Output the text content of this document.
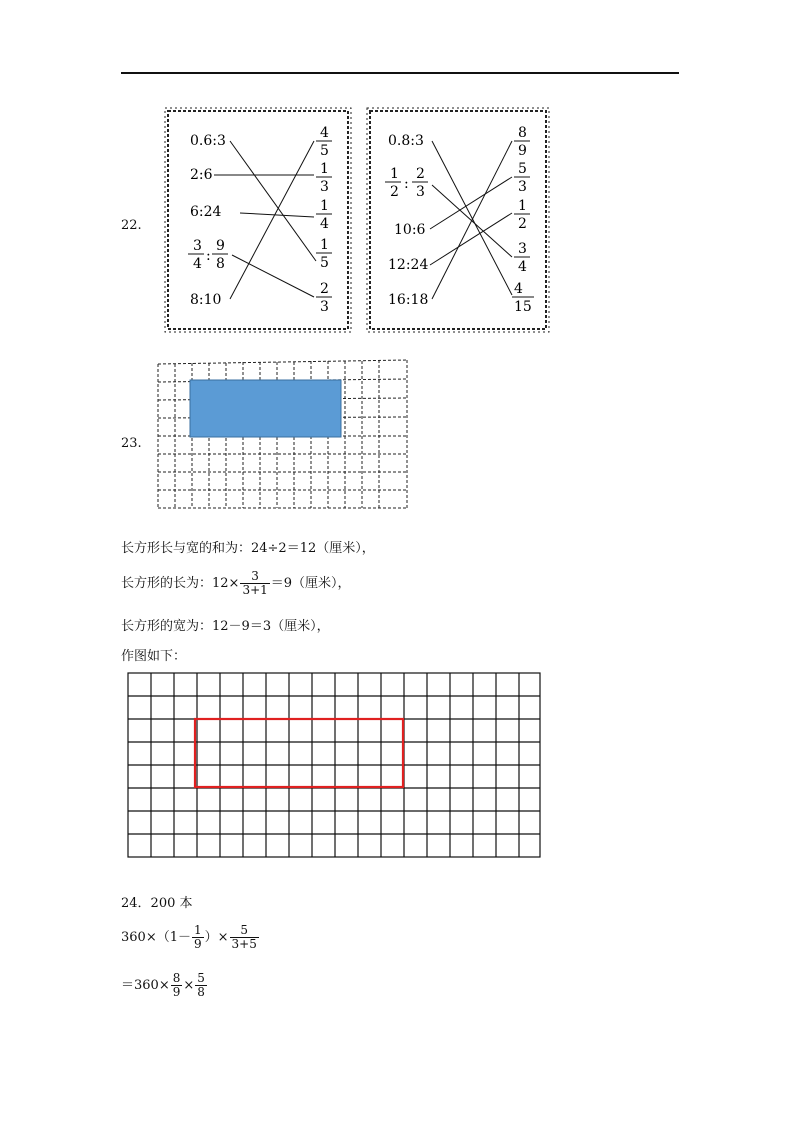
22.
0.6:3
2:6
6:24
8:10
3
4 :
9
8
4
5
1
3
1
4
1
5
2
3
0.8:3
10:6
12:24
16:18
1
2 :
2
3
8
9
5
3
1
2
3
4
4
15
23.
长方形长与宽的和为：24÷2＝12（厘米），
长方形的长为：$12\times \frac{3}{3+1} =9$（厘米），
长方形的宽为：12－9＝3（厘米），
作图如下：
24．200 本
$360\times(1- \frac{1}{9}$ ）× $\frac{5}{3+5}$
$=360\times \frac{8}{9} \times \frac{5}{8}$
